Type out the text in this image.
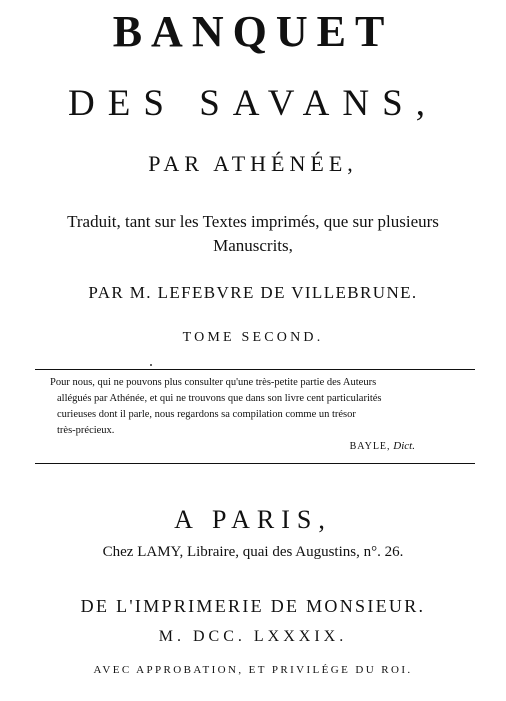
BANQUET
DES SAVANS,
PAR ATHÉNÉE,
Traduit, tant sur les Textes imprimés, que sur plusieurs
Manuscrits,
PAR M. LEFEBVRE DE VILLEBRUNE.
TOME SECOND.
Pour nous, qui ne pouvons plus consulter qu'une très-petite partie des Auteurs
allégués par Athénée, et qui ne trouvons que dans son livre cent particularités
curieuses dont il parle, nous regardons sa compilation comme un trésor
très-précieux.
BAYLE, Dict.
A PARIS,
Chez LAMY, Libraire, quai des Augustins, n°. 26.
DE L'IMPRIMERIE DE MONSIEUR.
M. DCC. LXXXIX.
AVEC APPROBATION, ET PRIVILÉGE DU ROI.
